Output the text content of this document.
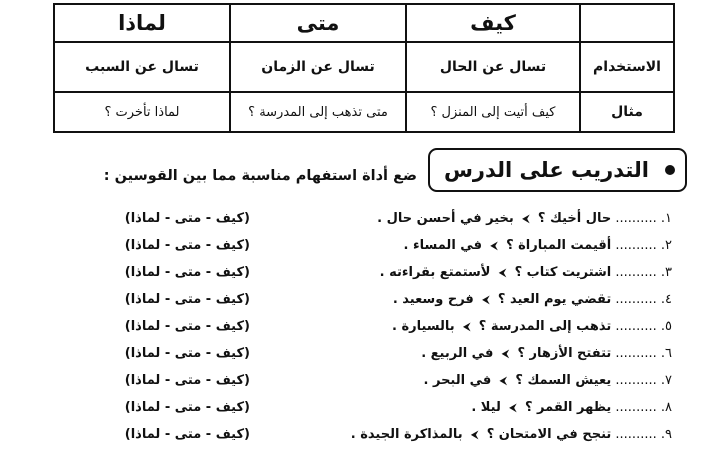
	كيف	متى	لماذا
الاستخدام	تسال عن الحال	تسال عن الزمان	تسال عن السبب
مثال	كيف أتيت إلى المنزل ؟	متى تذهب إلى المدرسة ؟	لماذا تأخرت ؟
التدريب على الدرس
ضع أداة استفهام مناسبة مما بين القوسين :
١. .......... حال أخيك ؟ ⮜ بخير في أحسن حال .
(كيف - متى - لماذا)
٢. .......... أقيمت المباراة ؟ ⮜ في المساء .
(كيف - متى - لماذا)
٣. .......... اشتريت كتاب ؟ ⮜ لأستمتع بقراءته .
(كيف - متى - لماذا)
٤. .......... تقضي يوم العيد ؟ ⮜ فرح وسعيد .
(كيف - متى - لماذا)
٥. .......... تذهب إلى المدرسة ؟ ⮜ بالسيارة .
(كيف - متى - لماذا)
٦. .......... تتفتح الأزهار ؟ ⮜ في الربيع .
(كيف - متى - لماذا)
٧. .......... يعيش السمك ؟ ⮜ في البحر .
(كيف - متى - لماذا)
٨. .......... يظهر القمر ؟ ⮜ ليلا .
(كيف - متى - لماذا)
٩. .......... تنجح في الامتحان ؟ ⮜ بالمذاكرة الجيدة .
(كيف - متى - لماذا)
